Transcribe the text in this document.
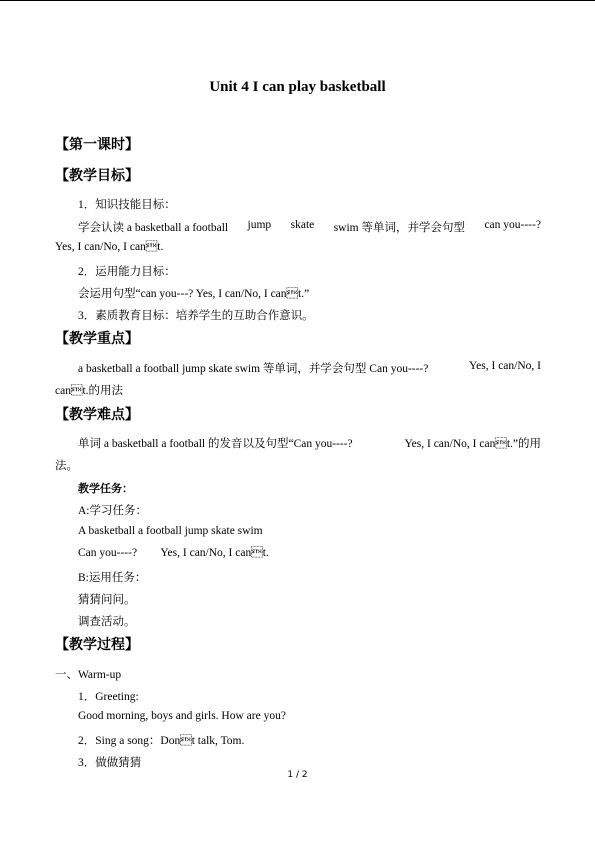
Unit 4 I can play basketball
【第一课时】
【教学目标】
1．知识技能目标：
学会认读 a basketball a football jump skate swim 等单词，并学会句型 can you----?
Yes, I can/No, I cant.
2．运用能力目标：
会运用句型“can you---? Yes, I can/No, I cant.”
3．素质教育目标：培养学生的互助合作意识。
【教学重点】
a basketball a football jump skate swim 等单词，并学会句型 Can you----?	Yes, I can/No, I
cant.的用法
【教学难点】
单词 a basketball a football 的发音以及句型“Can you----?	Yes, I can/No, I cant.”的用
法。
教学任务：
A:学习任务：
A basketball a football jump skate swim
Can you----? Yes, I can/No, I cant.
B:运用任务：
猜猜问问。
调查活动。
【教学过程】
一、Warm-up
1．Greeting:
Good morning, boys and girls. How are you?
2．Sing a song：Dont talk, Tom.
3．做做猜猜
1 / 2
